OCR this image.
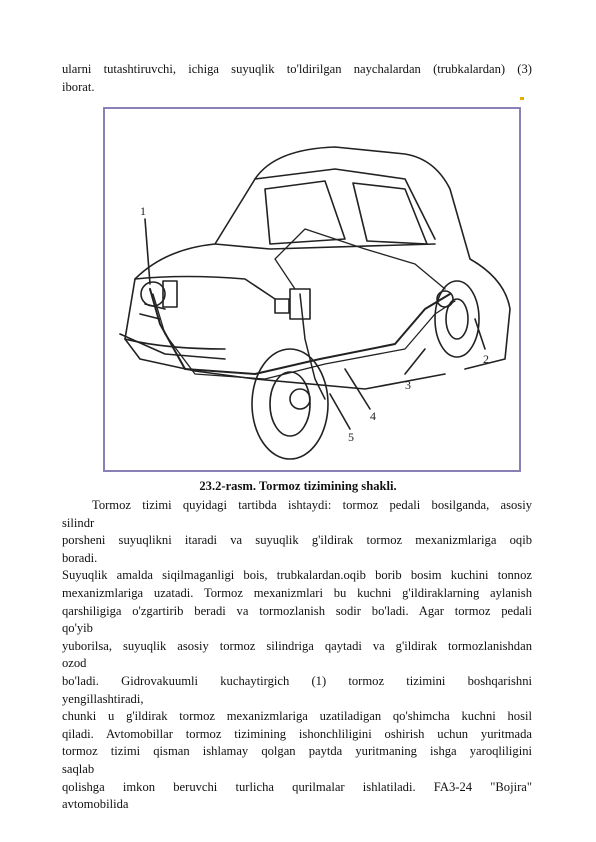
ularni tutashtiruvchi, ichiga suyuqlik to'ldirilgan naychalardan (trubkalardan) (3)
iborat.
1
2
3
4
5
23.2-rasm. Tormoz tizimining shakli.
Tormoz tizimi quyidagi tartibda ishtaydi: tormoz pedali bosilganda, asosiy
silindr
porsheni suyuqlikni itaradi va suyuqlik g'ildirak tormoz mexanizmlariga oqib
boradi.
Suyuqlik amalda siqilmaganligi bois, trubkalardan.oqib borib bosim kuchini tonnoz
mexanizmlariga uzatadi. Tormoz mexanizmlari bu kuchni g'ildiraklarning aylanish
qarshiligiga o'zgartirib beradi va tormozlanish sodir bo'ladi. Agar tormoz pedali
qo'yib
yuborilsa, suyuqlik asosiy tormoz silindriga qaytadi va g'ildirak tormozlanishdan
ozod
bo'ladi. Gidrovakuumli kuchaytirgich (1) tormoz tizimini boshqarishni
yengillashtiradi,
chunki u g'ildirak tormoz mexanizmlariga uzatiladigan qo'shimcha kuchni hosil
qiladi. Avtomobillar tormoz tizimining ishonchliligini oshirish uchun yuritmada
tormoz tizimi qisman ishlamay qolgan paytda yuritmaning ishga yaroqliligini
saqlab
qolishga imkon beruvchi turlicha qurilmalar ishlatiladi. FA3-24 "Bojira"
avtomobilida
